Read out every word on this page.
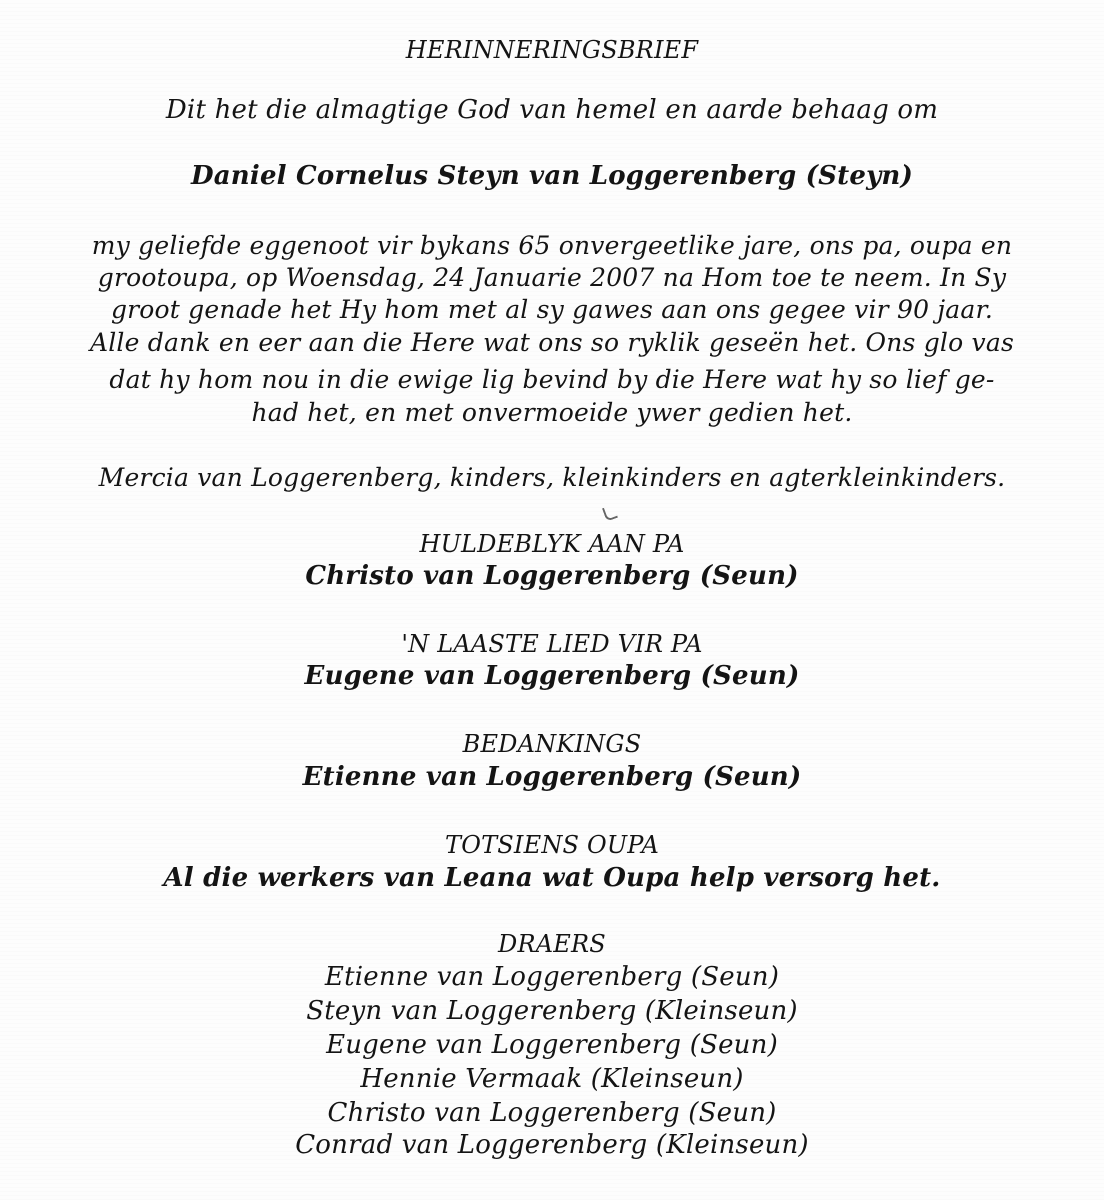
HERINNERINGSBRIEF
Dit het die almagtige God van hemel en aarde behaag om
Daniel Cornelus Steyn van Loggerenberg (Steyn)
my geliefde eggenoot vir bykans 65 onvergeetlike jare, ons pa, oupa en
grootoupa, op Woensdag, 24 Januarie 2007 na Hom toe te neem. In Sy
groot genade het Hy hom met al sy gawes aan ons gegee vir 90 jaar.
Alle dank en eer aan die Here wat ons so ryklik geseën het. Ons glo vas
dat hy hom nou in die ewige lig bevind by die Here wat hy so lief ge-
had het, en met onvermoeide ywer gedien het.
Mercia van Loggerenberg, kinders, kleinkinders en agterkleinkinders.
HULDEBLYK AAN PA
Christo van Loggerenberg (Seun)
'N LAASTE LIED VIR PA
Eugene van Loggerenberg (Seun)
BEDANKINGS
Etienne van Loggerenberg (Seun)
TOTSIENS OUPA
Al die werkers van Leana wat Oupa help versorg het.
DRAERS
Etienne van Loggerenberg (Seun)
Steyn van Loggerenberg (Kleinseun)
Eugene van Loggerenberg (Seun)
Hennie Vermaak (Kleinseun)
Christo van Loggerenberg (Seun)
Conrad van Loggerenberg (Kleinseun)
